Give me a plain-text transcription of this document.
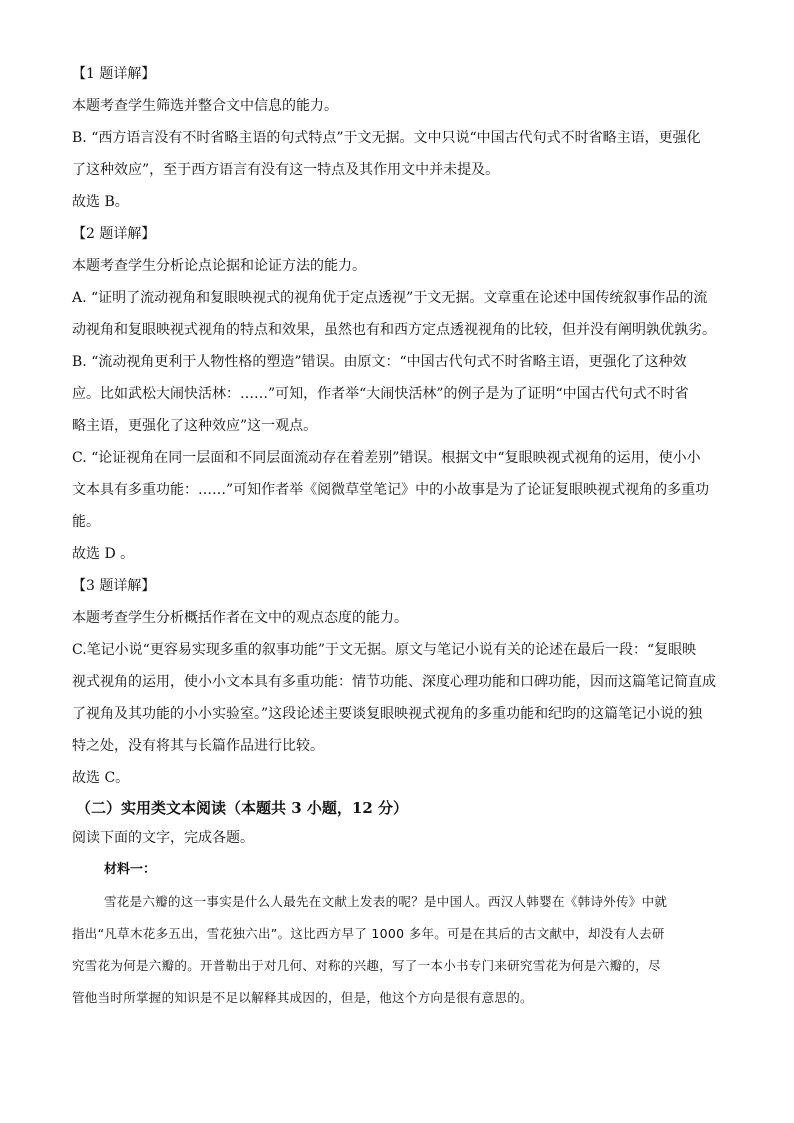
【1 题详解】
本题考查学生筛选并整合文中信息的能力。
B. “西方语言没有不时省略主语的句式特点”于文无据。文中只说“中国古代句式不时省略主语，更强化
了这种效应”，至于西方语言有没有这一特点及其作用文中并未提及。
故选 B。
【2 题详解】
本题考查学生分析论点论据和论证方法的能力。
A. “证明了流动视角和复眼映视式的视角优于定点透视”于文无据。文章重在论述中国传统叙事作品的流
动视角和复眼映视式视角的特点和效果，虽然也有和西方定点透视视角的比较，但并没有阐明孰优孰劣。
B. “流动视角更利于人物性格的塑造”错误。由原文：“中国古代句式不时省略主语，更强化了这种效
应。比如武松大闹快活林：……”可知，作者举“大闹快活林”的例子是为了证明“中国古代句式不时省
略主语，更强化了这种效应”这一观点。
C. “论证视角在同一层面和不同层面流动存在着差别”错误。根据文中“复眼映视式视角的运用，使小小
文本具有多重功能：……”可知作者举《阅微草堂笔记》中的小故事是为了论证复眼映视式视角的多重功
能。
故选 D 。
【3 题详解】
本题考查学生分析概括作者在文中的观点态度的能力。
C.笔记小说“更容易实现多重的叙事功能”于文无据。原文与笔记小说有关的论述在最后一段：“复眼映
视式视角的运用，使小小文本具有多重功能：情节功能、深度心理功能和口碑功能，因而这篇笔记简直成
了视角及其功能的小小实验室。”这段论述主要谈复眼映视式视角的多重功能和纪昀的这篇笔记小说的独
特之处，没有将其与长篇作品进行比较。
故选 C。
（二）实用类文本阅读（本题共 3 小题，12 分）
阅读下面的文字，完成各题。
材料一：
雪花是六瓣的这一事实是什么人最先在文献上发表的呢？是中国人。西汉人韩婴在《韩诗外传》中就
指出“凡草木花多五出，雪花独六出”。这比西方早了 1000 多年。可是在其后的古文献中，却没有人去研
究雪花为何是六瓣的。开普勒出于对几何、对称的兴趣，写了一本小书专门来研究雪花为何是六瓣的，尽
管他当时所掌握的知识是不足以解释其成因的，但是，他这个方向是很有意思的。
